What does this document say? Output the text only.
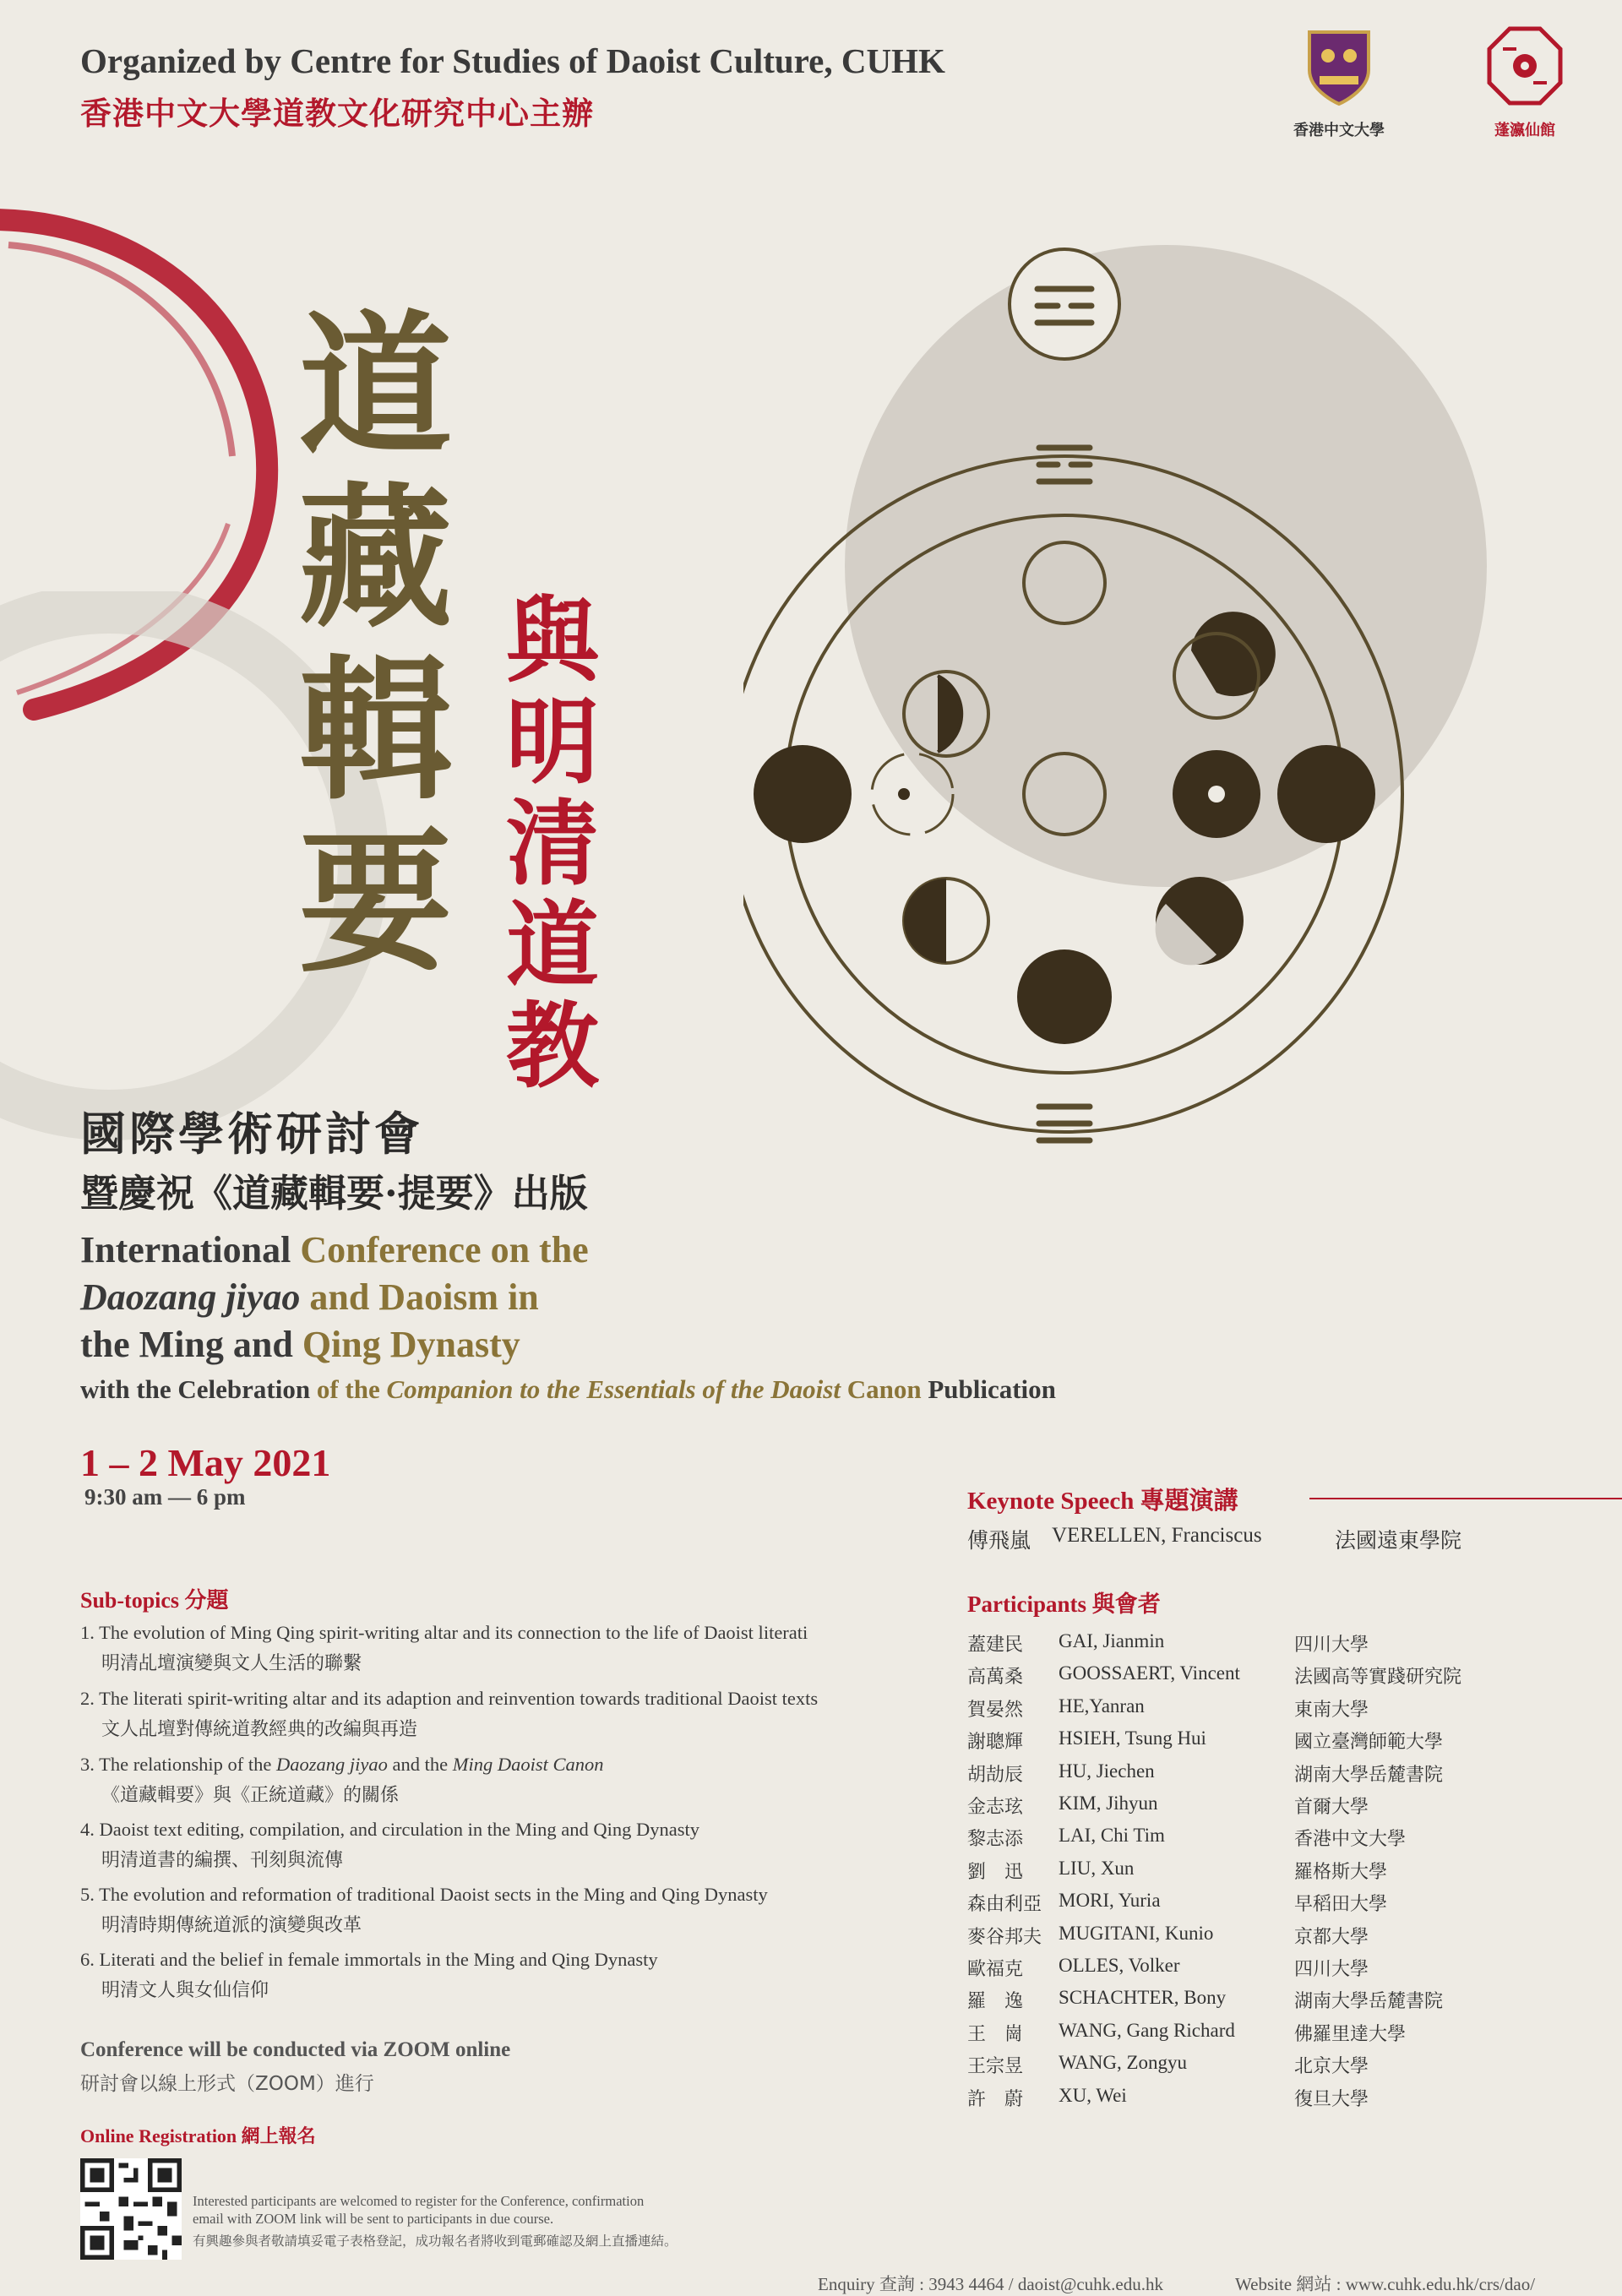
Organized by Centre for Studies of Daoist Culture, CUHK
香港中文大學道教文化研究中心主辦	香港中文大學	蓬瀛仙館
道藏輯要 與明清道教
國際學術研討會
暨慶祝《道藏輯要·提要》出版
International Conference on the
Daozang jiyao and Daoism in
the Ming and Qing Dynasty
with the Celebration of the Companion to the Essentials of the Daoist Canon Publication
1 – 2 May 2021
9:30 am — 6 pm
Sub-topics 分題
1. The evolution of Ming Qing spirit-writing altar and its connection to the life of Daoist literati
明清乩壇演變與文人生活的聯繫
2. The literati spirit-writing altar and its adaption and reinvention towards traditional Daoist texts
文人乩壇對傳統道教經典的改編與再造
3. The relationship of the Daozang jiyao and the Ming Daoist Canon
《道藏輯要》與《正統道藏》的關係
4. Daoist text editing, compilation, and circulation in the Ming and Qing Dynasty
明清道書的編撰、刊刻與流傳
5. The evolution and reformation of traditional Daoist sects in the Ming and Qing Dynasty
明清時期傳統道派的演變與改革
6. Literati and the belief in female immortals in the Ming and Qing Dynasty
明清文人與女仙信仰
Conference will be conducted via ZOOM online
研討會以線上形式（ZOOM）進行
Online Registration 網上報名
Interested participants are welcomed to register for the Conference, confirmation
email with ZOOM link will be sent to participants in due course.
有興趣參與者敬請填妥電子表格登記，成功報名者將收到電郵確認及網上直播連結。
Enquiry 查詢 : 3943 4464 / daoist@cuhk.edu.hk	Website 網站 : www.cuhk.edu.hk/crs/dao/
Keynote Speech 專題演講
傅飛嵐 VERELLEN, Franciscus	法國遠東學院
Participants 與會者
蓋建民	GAI, Jianmin	四川大學
高萬桑	GOOSSAERT, Vincent	法國高等實踐研究院
賀晏然	HE,Yanran	東南大學
謝聰輝	HSIEH, Tsung Hui	國立臺灣師範大學
胡劼辰	HU, Jiechen	湖南大學岳麓書院
金志玹	KIM, Jihyun	首爾大學
黎志添	LAI, Chi Tim	香港中文大學
劉　迅	LIU, Xun	羅格斯大學
森由利亞 MORI, Yuria	早稻田大學
麥谷邦夫 MUGITANI, Kunio	京都大學
歐福克	OLLES, Volker	四川大學
羅　逸	SCHACHTER, Bony	湖南大學岳麓書院
王　崗	WANG, Gang Richard	佛羅里達大學
王宗昱	WANG, Zongyu	北京大學
許　蔚	XU, Wei	復旦大學
